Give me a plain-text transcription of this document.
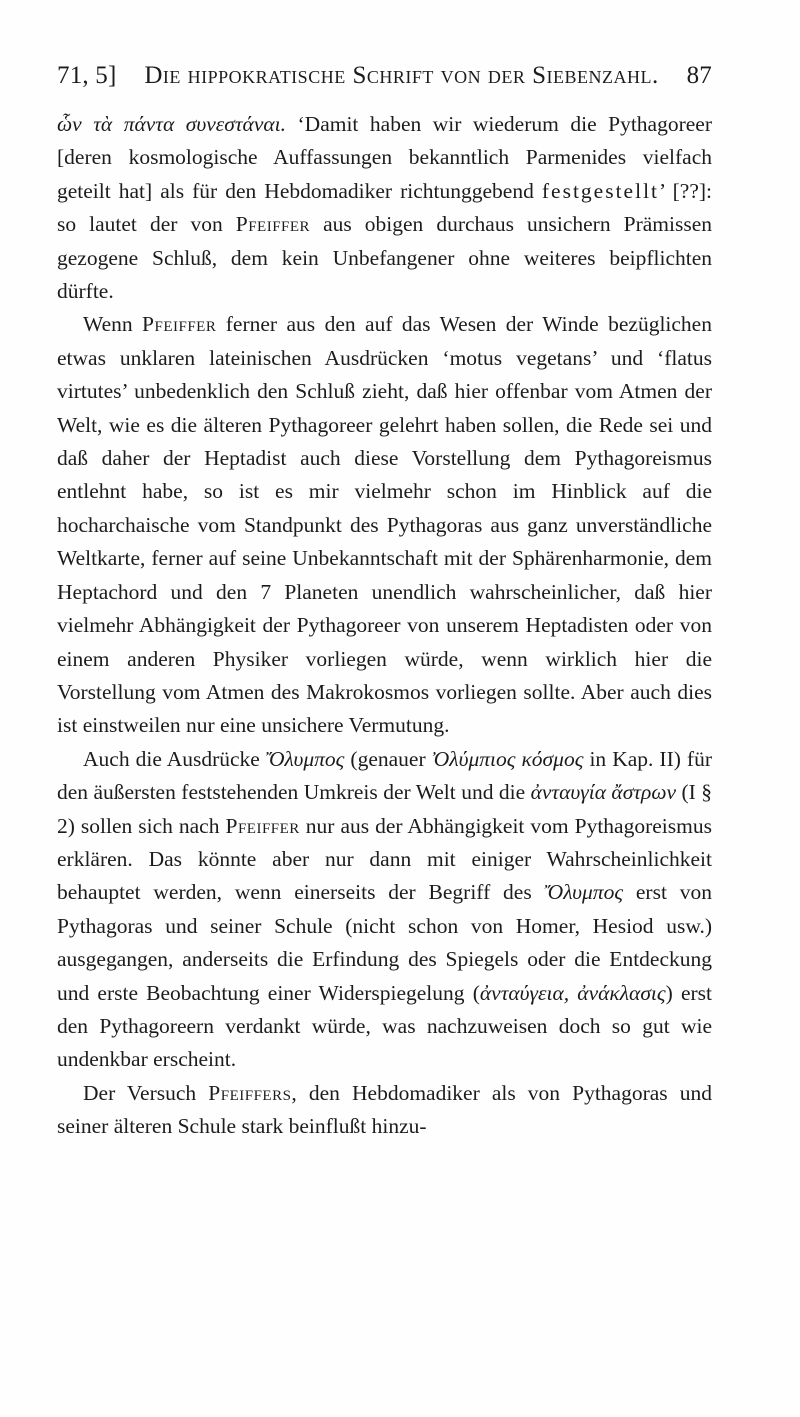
71, 5] Die hippokratische Schrift von der Siebenzahl. 87

ὧν τὰ πάντα συνεστάναι. ‘Damit haben wir wiederum die Pythagoreer [deren kosmologische Auffassungen bekanntlich Parmenides vielfach geteilt hat] als für den Hebdomadiker richtunggebend festgestellt’ [??]: so lautet der von Pfeiffer aus obigen durchaus unsichern Prämissen gezogene Schluß, dem kein Unbefangener ohne weiteres beipflichten dürfte.

Wenn Pfeiffer ferner aus den auf das Wesen der Winde bezüglichen etwas unklaren lateinischen Ausdrücken ‘motus vegetans’ und ‘flatus virtutes’ unbedenklich den Schluß zieht, daß hier offenbar vom Atmen der Welt, wie es die älteren Pythagoreer gelehrt haben sollen, die Rede sei und daß daher der Heptadist auch diese Vorstellung dem Pythagoreismus entlehnt habe, so ist es mir vielmehr schon im Hinblick auf die hocharchaische vom Standpunkt des Pythagoras aus ganz unverständliche Weltkarte, ferner auf seine Unbekanntschaft mit der Sphärenharmonie, dem Heptachord und den 7 Planeten unendlich wahrscheinlicher, daß hier vielmehr Abhängigkeit der Pythagoreer von unserem Heptadisten oder von einem anderen Physiker vorliegen würde, wenn wirklich hier die Vorstellung vom Atmen des Makrokosmos vorliegen sollte. Aber auch dies ist einstweilen nur eine unsichere Vermutung.

Auch die Ausdrücke Ὄλυμπος (genauer Ὀλύμπιος κόσμος in Kap. II) für den äußersten feststehenden Umkreis der Welt und die ἀνταυγία ἄστρων (I § 2) sollen sich nach Pfeiffer nur aus der Abhängigkeit vom Pythagoreismus erklären. Das könnte aber nur dann mit einiger Wahrscheinlichkeit behauptet werden, wenn einerseits der Begriff des Ὄλυμπος erst von Pythagoras und seiner Schule (nicht schon von Homer, Hesiod usw.) ausgegangen, anderseits die Erfindung des Spiegels oder die Entdeckung und erste Beobachtung einer Widerspiegelung (ἀνταύγεια, ἀνάκλασις) erst den Pythagoreern verdankt würde, was nachzuweisen doch so gut wie undenkbar erscheint.

Der Versuch Pfeiffers, den Hebdomadiker als von Pythagoras und seiner älteren Schule stark beinflußt hinzu-
